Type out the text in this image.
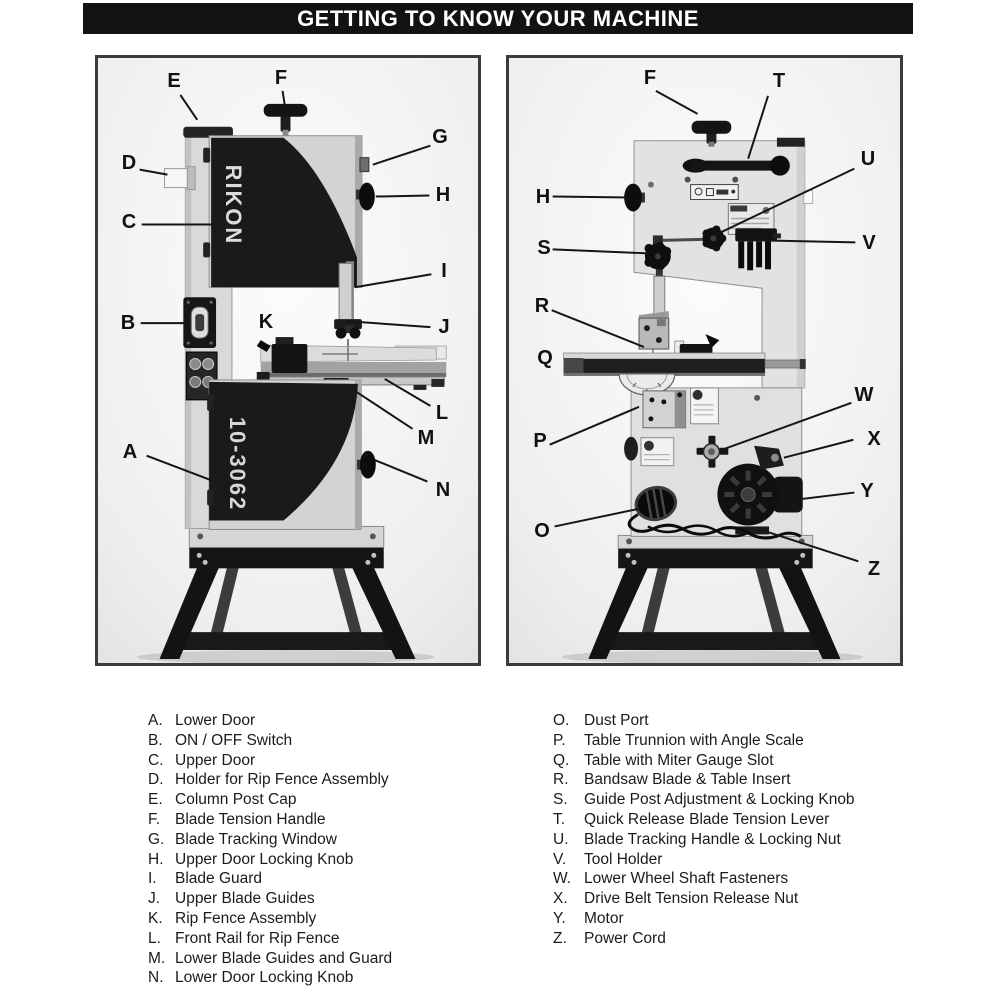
GETTING TO KNOW YOUR MACHINE
RIKON
10-3062
A
B
C
D
E	F
G
H
I
J
K
L
M
N
F
H
O
P
Q
R
S
T
U
V
W
X
Y
Z
A. Lower Door
B. ON / OFF Switch
C. Upper Door
D. Holder for Rip Fence Assembly
E. Column Post Cap
F. Blade Tension Handle
G. Blade Tracking Window
H. Upper Door Locking Knob
I.	Blade Guard
J. Upper Blade Guides
K. Rip Fence Assembly
L. Front Rail for Rip Fence
M. Lower Blade Guides and Guard
N. Lower Door Locking Knob
O. Dust Port
P.	Table Trunnion with Angle Scale
Q. Table with Miter Gauge Slot
R.	Bandsaw Blade & Table Insert
S.	Guide Post Adjustment & Locking Knob
T.	Quick Release Blade Tension Lever
U.	Blade Tracking Handle & Locking Nut
V.	Tool Holder
W. Lower Wheel Shaft Fasteners
X.	Drive Belt Tension Release Nut
Y.	Motor
Z.	Power Cord
